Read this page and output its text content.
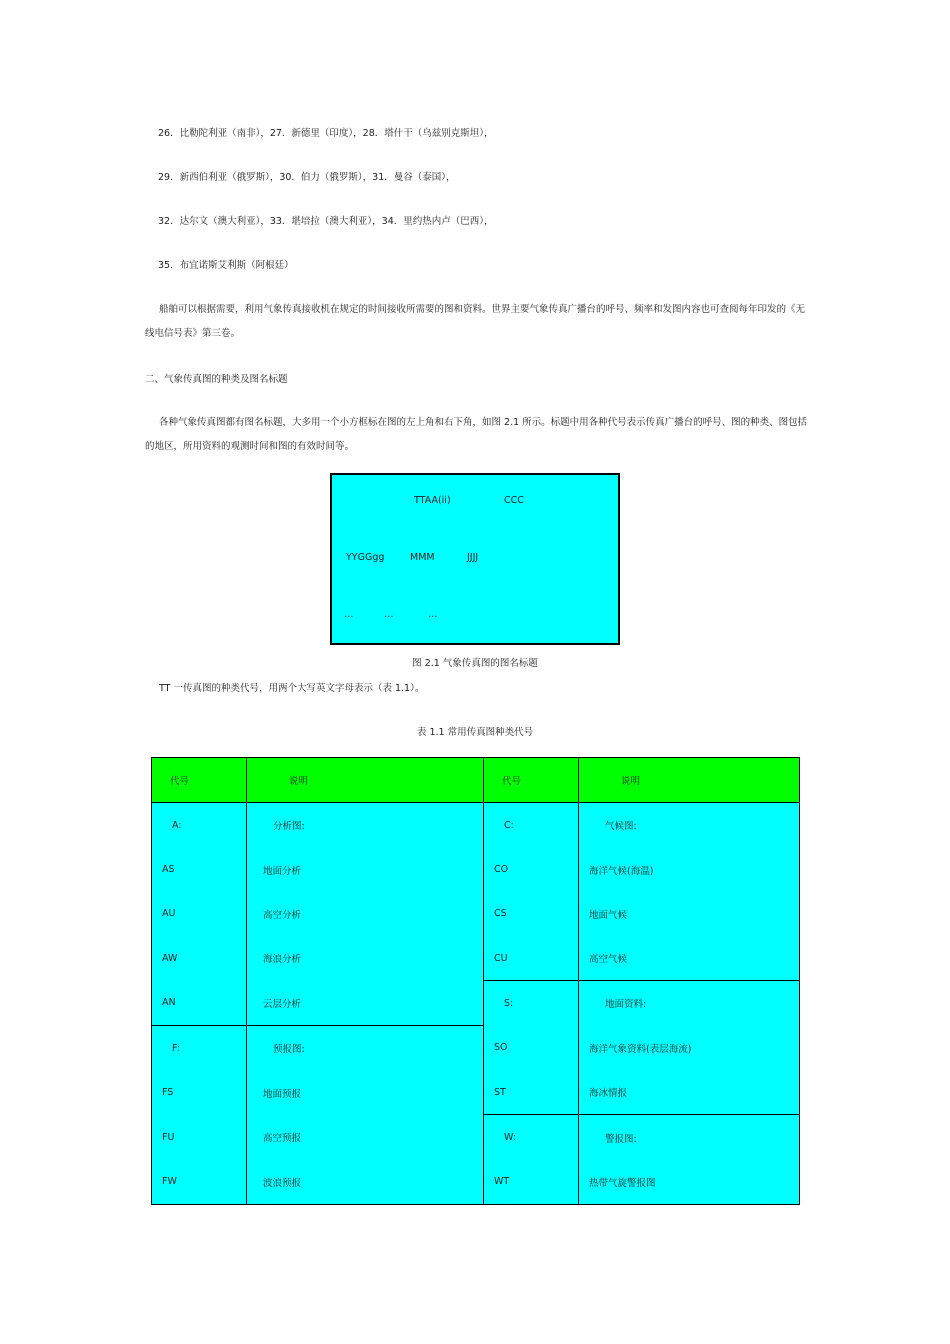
26．比勒陀利亚（南非），27．新德里（印度），28．塔什干（乌兹别克斯坦），
29．新西伯利亚（俄罗斯），30．伯力（俄罗斯），31．曼谷（泰国），
32．达尔文（澳大利亚），33．堪培拉（澳大利亚），34．里约热内卢（巴西），
35．布宜诺斯艾利斯（阿根廷）
船舶可以根据需要，利用气象传真接收机在规定的时间接收所需要的图和资料。世界主要气象传真广播台的呼号、频率和发图内容也可查阅每年印发的《无线电信号表》第三卷。
二、气象传真图的种类及图名标题
各种气象传真图都有图名标题，大多用一个小方框标在图的左上角和右下角，如图 2.1 所示。标题中用各种代号表示传真广播台的呼号、图的种类、图包括的地区，所用资料的观测时间和图的有效时间等。
TTAA(ii)	CCC
YYGGgg	MMM	JJJJ
…	…	…
图 2.1 气象传真图的图名标题
TT 一传真图的种类代号，用两个大写英文字母表示（表 1.1）。
表 1.1 常用传真图种类代号
代号	说明	代号	说明
A:	分析图:	C:	气候图:
AS	地面分析	CO	海洋气候(海温)
AU	高空分析	CS	地面气候
AW	海浪分析	CU	高空气候
AN	云层分析	S:	地面资料:
F:	预报图:	SO	海洋气象资料(表层海流)
FS	地面预报	ST	海冰情报
FU	高空预报	W:	警报图:
FW	波浪预报	WT	热带气旋警报图
